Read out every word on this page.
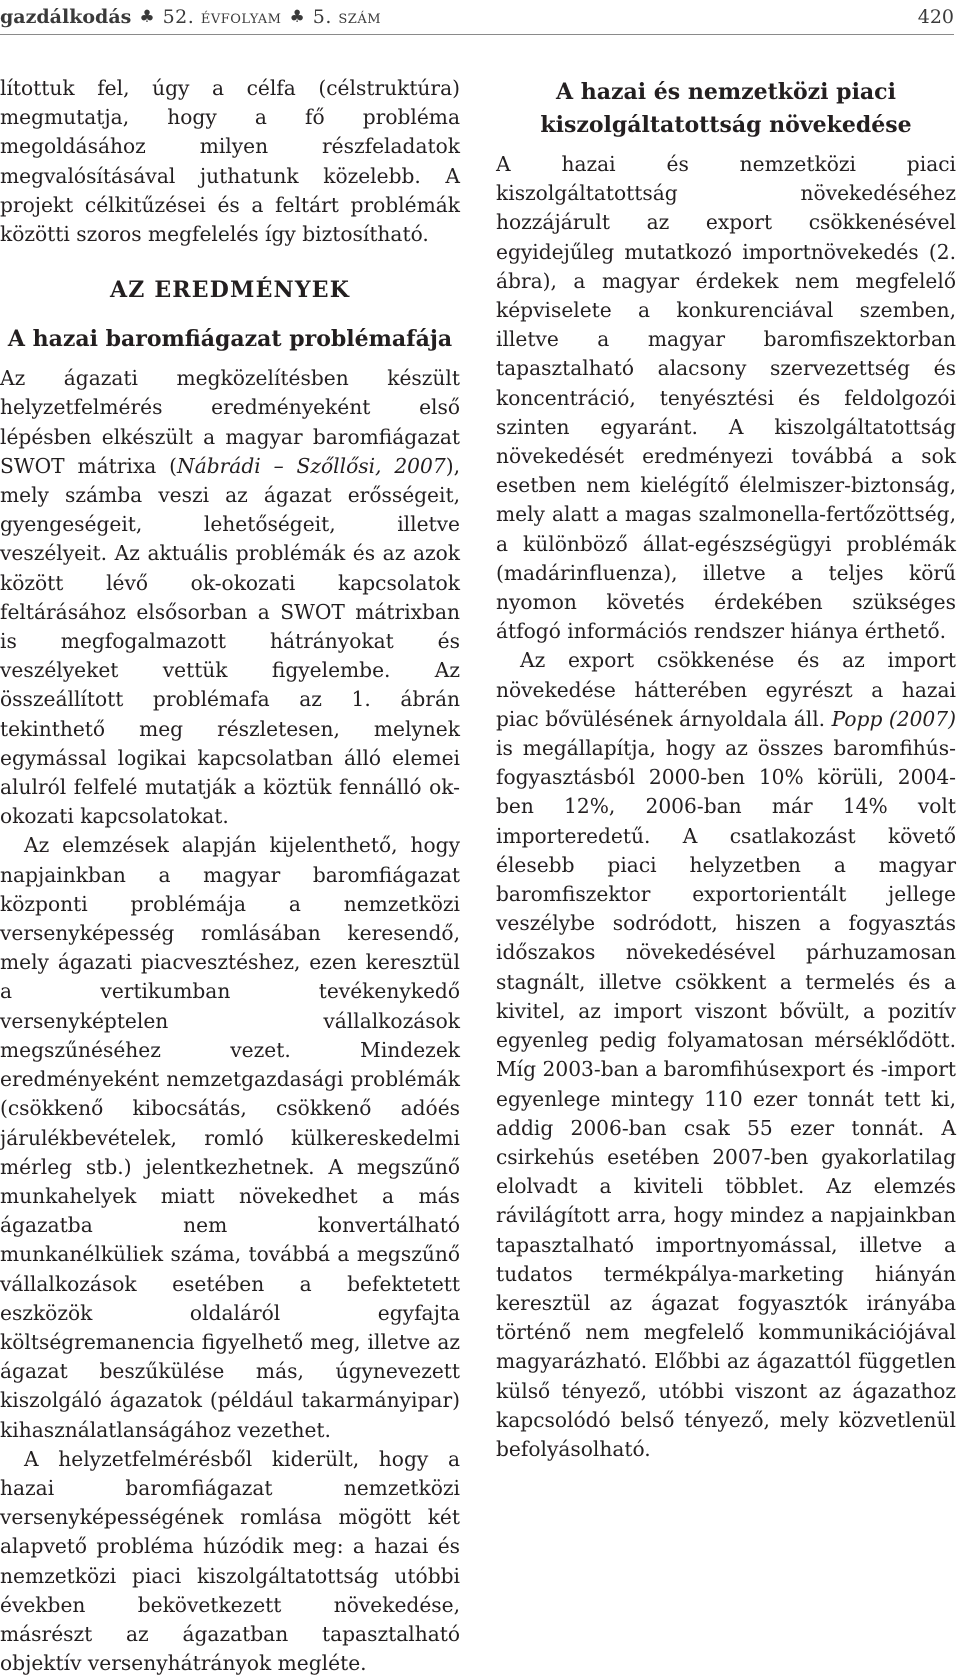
gazdálkodás ♣ 52. évfolyam ♣ 5. szám	420

lítottuk fel, úgy a célfa (célstruktúra) megmutatja, hogy a fő probléma megoldásához milyen részfeladatok megvalósításával juthatunk közelebb. A projekt célkitűzései és a feltárt problémák közötti szoros megfelelés így biztosítható.

AZ EREDMÉNYEK
A hazai baromfiágazat problémafája

Az ágazati megközelítésben készült helyzetfelmérés eredményeként első lépésben elkészült a magyar baromfiágazat SWOT mátrixa (Nábrádi – Szőllősi, 2007), mely számba veszi az ágazat erősségeit, gyengeségeit, lehetőségeit, illetve veszélyeit. Az aktuális problémák és az azok között lévő ok-okozati kapcsolatok feltárásához elsősorban a SWOT mátrixban is megfogalmazott hátrányokat és veszélyeket vettük figyelembe. Az összeállított problémafa az 1. ábrán tekinthető meg részletesen, melynek egymással logikai kapcsolatban álló elemei alulról felfelé mutatják a köztük fennálló ok-okozati kapcsolatokat.

Az elemzések alapján kijelenthető, hogy napjainkban a magyar baromfiágazat központi problémája a nemzetközi versenyképesség romlásában keresendő, mely ágazati piacvesztéshez, ezen keresztül a vertikumban tevékenykedő versenyképtelen vállalkozások megszűnéséhez vezet. Mindezek eredményeként nemzetgazdasági problémák (csökkenő kibocsátás, csökkenő adóés járulékbevételek, romló külkereskedelmi mérleg stb.) jelentkezhetnek. A megszűnő munkahelyek miatt növekedhet a más ágazatba nem konvertálható munkanélküliek száma, továbbá a megszűnő vállalkozások esetében a befektetett eszközök oldaláról egyfajta költségremanencia figyelhető meg, illetve az ágazat beszűkülése más, úgynevezett kiszolgáló ágazatok (például takarmányipar) kihasználatlanságához vezethet.

A helyzetfelmérésből kiderült, hogy a hazai baromfiágazat nemzetközi versenyképességének romlása mögött két alapvető probléma húzódik meg: a hazai és nemzetközi piaci kiszolgáltatottság utóbbi években bekövetkezett növekedése, másrészt az ágazatban tapasztalható objektív versenyhátrányok megléte.

A hazai és nemzetközi piaci kiszolgáltatottság növekedése

A hazai és nemzetközi piaci kiszolgáltatottság növekedéséhez hozzájárult az export csökkenésével egyidejűleg mutatkozó importnövekedés (2. ábra), a magyar érdekek nem megfelelő képviselete a konkurenciával szemben, illetve a magyar baromfiszektorban tapasztalható alacsony szervezettség és koncentráció, tenyésztési és feldolgozói szinten egyaránt. A kiszolgáltatottság növekedését eredményezi továbbá a sok esetben nem kielégítő élelmiszer-biztonság, mely alatt a magas szalmonella-fertőzöttség, a különböző állat-egészségügyi problémák (madárinfluenza), illetve a teljes körű nyomon követés érdekében szükséges átfogó információs rendszer hiánya érthető.

Az export csökkenése és az import növekedése hátterében egyrészt a hazai piac bővülésének árnyoldala áll. Popp (2007) is megállapítja, hogy az összes baromfihús-fogyasztásból 2000-ben 10% körüli, 2004-ben 12%, 2006-ban már 14% volt importeredetű. A csatlakozást követő élesebb piaci helyzetben a magyar baromfiszektor exportorientált jellege veszélybe sodródott, hiszen a fogyasztás időszakos növekedésével párhuzamosan stagnált, illetve csökkent a termelés és a kivitel, az import viszont bővült, a pozitív egyenleg pedig folyamatosan mérséklődött. Míg 2003-ban a baromfihúsexport és -import egyenlege mintegy 110 ezer tonnát tett ki, addig 2006-ban csak 55 ezer tonnát. A csirkehús esetében 2007-ben gyakorlatilag elolvadt a kiviteli többlet. Az elemzés rávilágított arra, hogy mindez a napjainkban tapasztalható importnyomással, illetve a tudatos termékpálya-marketing hiányán keresztül az ágazat fogyasztók irányába történő nem megfelelő kommunikációjával magyarázható. Előbbi az ágazattól független külső tényező, utóbbi viszont az ágazathoz kapcsolódó belső tényező, mely közvetlenül befolyásolható.
